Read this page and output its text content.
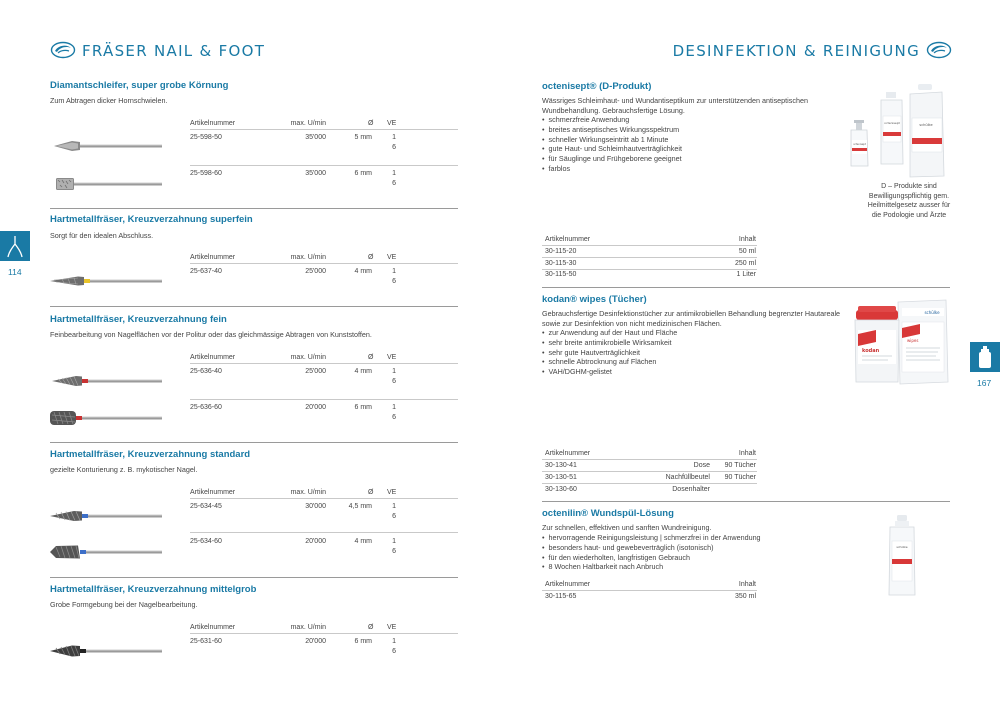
FRÄSER NAIL & FOOT
114
Diamantschleifer, super grobe Körnung
Zum Abtragen dicker Hornschwielen.
Artikelnummer	max. U/min	Ø VE
25-598-50	35'000	5 mm	1
6
25-598-60	35'000	6 mm	1
6
Hartmetallfräser, Kreuzverzahnung superfein
Sorgt für den idealen Abschluss.
Artikelnummer	max. U/min	Ø VE
25-637-40	25'000	4 mm	1
6
Hartmetallfräser, Kreuzverzahnung fein
Feinbearbeitung von Nagelflächen vor der Politur oder das gleichmässige Abtragen von Kunststoffen.
Artikelnummer	max. U/min	Ø VE
25-636-40	25'000	4 mm	1
6
25-636-60	20'000	6 mm	1
6
Hartmetallfräser, Kreuzverzahnung standard
gezielte Konturierung z. B. mykotischer Nagel.
Artikelnummer	max. U/min	Ø VE
25-634-45	30'000	4,5 mm	1
6
25-634-60	20'000	4 mm	1
6
Hartmetallfräser, Kreuzverzahnung mittelgrob
Grobe Formgebung bei der Nagelbearbeitung.
Artikelnummer	max. U/min	Ø VE
25-631-60	20'000	6 mm	1
6
DESINFEKTION & REINIGUNG
167
octenisept® (D-Produkt)
Wässriges Schleimhaut- und Wundantiseptikum zur unterstützenden antiseptischen Wundbehandlung. Gebrauchsfertige Lösung.
• schmerzfreie Anwendung
• breites antiseptisches Wirkungsspektrum
• schneller Wirkungseintritt ab 1 Minute
• gute Haut- und Schleimhautverträglichkeit
• für Säuglinge und Frühgeborene geeignet
• farblos
schülke
octenisept
octenisept
D – Produkte sind
Bewilligungspflichtig gem.
Heilmittelgesetz ausser für
die Podologie und Ärzte
Artikelnummer	Inhalt
30-115-20	50 ml
30-115-30	250 ml
30-115-50	1 Liter
kodan® wipes (Tücher)
Gebrauchsfertige Desinfektionstücher zur antimikrobiellen Behandlung begrenzter Hautareale sowie zur Desinfektion von nicht medizinischen Flächen.
• zur Anwendung auf der Haut und Fläche
• sehr breite antimikrobielle Wirksamkeit
• sehr gute Hautverträglichkeit
• schnelle Abtrocknung auf Flächen
• VAH/DGHM-gelistet
schülke
wipes
kodan
Artikelnummer	Inhalt
30-130-41	Dose	90 Tücher
30-130-51	Nachfüllbeutel	90 Tücher
30-130-60	Dosenhalter
octenilin® Wundspül-Lösung
Zur schnellen, effektiven und sanften Wundreinigung.
• hervorragende Reinigungsleistung | schmerzfrei in der Anwendung
• besonders haut- und gewebeverträglich (isotonisch)
• für den wiederholten, langfristigen Gebrauch
• 8 Wochen Haltbarkeit nach Anbruch
schülke
Artikelnummer	Inhalt
30-115-65	350 ml
